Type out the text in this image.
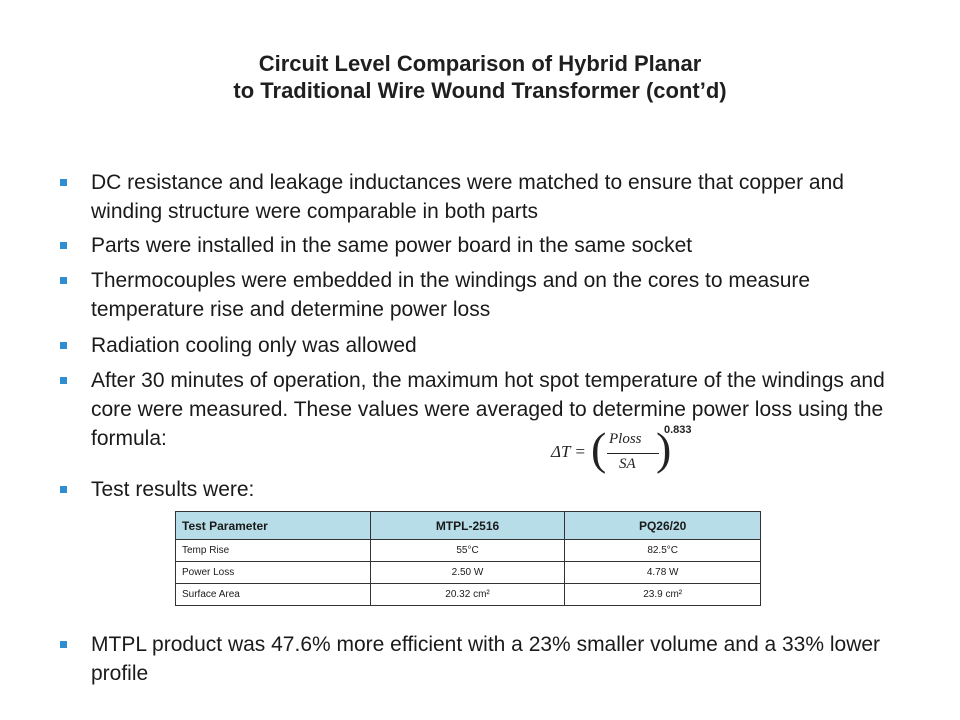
Circuit Level Comparison of Hybrid Planar
to Traditional Wire Wound Transformer (cont’d)
DC resistance and leakage inductances were matched to ensure that copper and winding structure were comparable in both parts
Parts were installed in the same power board in the same socket
Thermocouples were embedded in the windings and on the cores to measure temperature rise and determine power loss
Radiation cooling only was allowed
After 30 minutes of operation, the maximum hot spot temperature of the windings and core were measured. These values were averaged to determine power loss using the formula:
ΔT = ( Ploss
SA )
0.833
Test results were:
Test Parameter	MTPL-2516	PQ26/20
Temp Rise	55°C	82.5°C
Power Loss	2.50 W	4.78 W
Surface Area	20.32 cm²	23.9 cm²
MTPL product was 47.6% more efficient with a 23% smaller volume and a 33% lower profile
